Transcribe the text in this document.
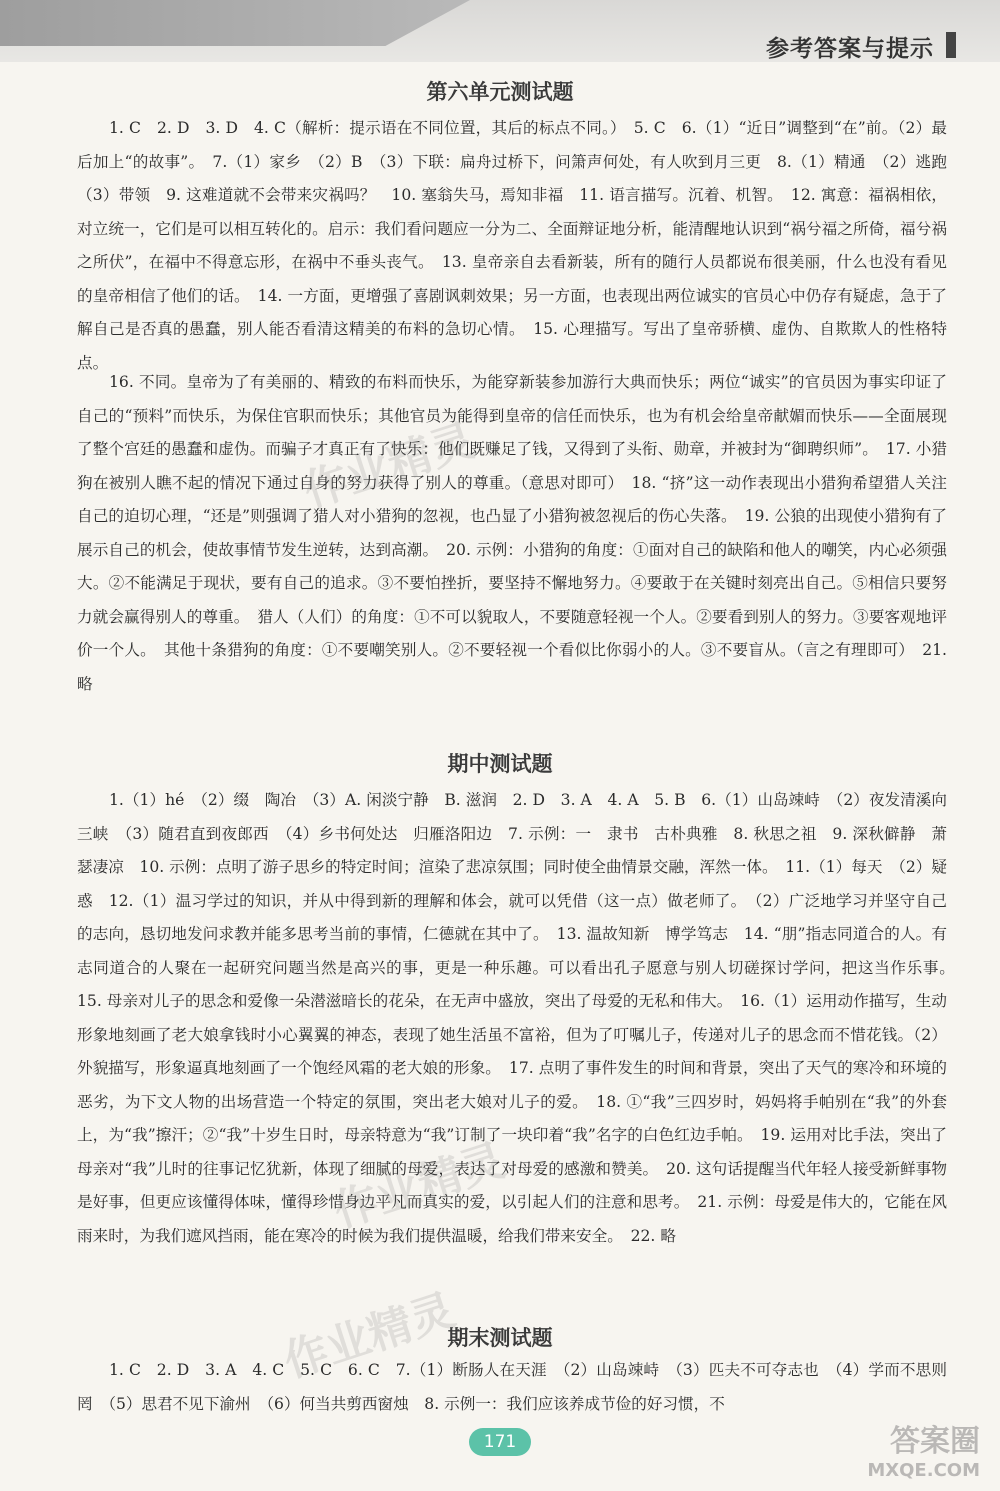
参考答案与提示
第六单元测试题

1. C　2. D　3. D　4. C（解析：提示语在不同位置，其后的标点不同。）　5. C　6.（1）“近日”调整到“在”前。（2）最后加上“的故事”。　7.（1）家乡　（2）B　（3）下联：扁舟过桥下，问箫声何处，有人吹到月三更　8.（1）精通　（2）逃跑　（3）带领　9. 这难道就不会带来灾祸吗？　10. 塞翁失马，焉知非福　11. 语言描写。沉着、机智。　12. 寓意：福祸相依，对立统一，它们是可以相互转化的。启示：我们看问题应一分为二、全面辩证地分析，能清醒地认识到“祸兮福之所倚，福兮祸之所伏”，在福中不得意忘形，在祸中不垂头丧气。　13. 皇帝亲自去看新装，所有的随行人员都说布很美丽，什么也没有看见的皇帝相信了他们的话。　14. 一方面，更增强了喜剧讽刺效果；另一方面，也表现出两位诚实的官员心中仍存有疑虑，急于了解自己是否真的愚蠢，别人能否看清这精美的布料的急切心情。　15. 心理描写。写出了皇帝骄横、虚伪、自欺欺人的性格特点。

16. 不同。皇帝为了有美丽的、精致的布料而快乐，为能穿新装参加游行大典而快乐；两位“诚实”的官员因为事实印证了自己的“预料”而快乐，为保住官职而快乐；其他官员为能得到皇帝的信任而快乐，也为有机会给皇帝献媚而快乐——全面展现了整个宫廷的愚蠢和虚伪。而骗子才真正有了快乐：他们既赚足了钱，又得到了头衔、勋章，并被封为“御聘织师”。　17. 小猎狗在被别人瞧不起的情况下通过自身的努力获得了别人的尊重。（意思对即可）　18. “挤”这一动作表现出小猎狗希望猎人关注自己的迫切心理，“还是”则强调了猎人对小猎狗的忽视，也凸显了小猎狗被忽视后的伤心失落。　19. 公狼的出现使小猎狗有了展示自己的机会，使故事情节发生逆转，达到高潮。　20. 示例：小猎狗的角度：①面对自己的缺陷和他人的嘲笑，内心必须强大。②不能满足于现状，要有自己的追求。③不要怕挫折，要坚持不懈地努力。④要敢于在关键时刻亮出自己。⑤相信只要努力就会赢得别人的尊重。　猎人（人们）的角度：①不可以貌取人，不要随意轻视一个人。②要看到别人的努力。③要客观地评价一个人。　其他十条猎狗的角度：①不要嘲笑别人。②不要轻视一个看似比你弱小的人。③不要盲从。（言之有理即可）　21. 略

期中测试题

1.（1）hé　（2）缀　陶冶　（3）A. 闲淡宁静　B. 滋润　2. D　3. A　4. A　5. B　6.（1）山岛竦峙　（2）夜发清溪向三峡　（3）随君直到夜郎西　（4）乡书何处达　归雁洛阳边　7. 示例：一　隶书　古朴典雅　8. 秋思之祖　9. 深秋僻静　萧瑟凄凉　10. 示例：点明了游子思乡的特定时间；渲染了悲凉氛围；同时使全曲情景交融，浑然一体。　11.（1）每天　（2）疑惑　12.（1）温习学过的知识，并从中得到新的理解和体会，就可以凭借（这一点）做老师了。　（2）广泛地学习并坚守自己的志向，恳切地发问求教并能多思考当前的事情，仁德就在其中了。　13. 温故知新　博学笃志　14. “朋”指志同道合的人。有志同道合的人聚在一起研究问题当然是高兴的事，更是一种乐趣。可以看出孔子愿意与别人切磋探讨学问，把这当作乐事。　15. 母亲对儿子的思念和爱像一朵潜滋暗长的花朵，在无声中盛放，突出了母爱的无私和伟大。　16.（1）运用动作描写，生动形象地刻画了老大娘拿钱时小心翼翼的神态，表现了她生活虽不富裕，但为了叮嘱儿子，传递对儿子的思念而不惜花钱。（2）外貌描写，形象逼真地刻画了一个饱经风霜的老大娘的形象。　17. 点明了事件发生的时间和背景，突出了天气的寒冷和环境的恶劣，为下文人物的出场营造一个特定的氛围，突出老大娘对儿子的爱。　18. ①“我”三四岁时，妈妈将手帕别在“我”的外套上，为“我”擦汗；②“我”十岁生日时，母亲特意为“我”订制了一块印着“我”名字的白色红边手帕。　19. 运用对比手法，突出了母亲对“我”儿时的往事记忆犹新，体现了细腻的母爱，表达了对母爱的感激和赞美。　20. 这句话提醒当代年轻人接受新鲜事物是好事，但更应该懂得体味，懂得珍惜身边平凡而真实的爱，以引起人们的注意和思考。　21. 示例：母爱是伟大的，它能在风雨来时，为我们遮风挡雨，能在寒冷的时候为我们提供温暖，给我们带来安全。　22. 略

期末测试题

1. C　2. D　3. A　4. C　5. C　6. C　7.（1）断肠人在天涯　（2）山岛竦峙　（3）匹夫不可夺志也　（4）学而不思则罔　（5）思君不见下渝州　（6）何当共剪西窗烛　8. 示例一：我们应该养成节俭的好习惯，不

作业精灵
作业精灵
作业精灵
171	答案圈
MXQE.COM
